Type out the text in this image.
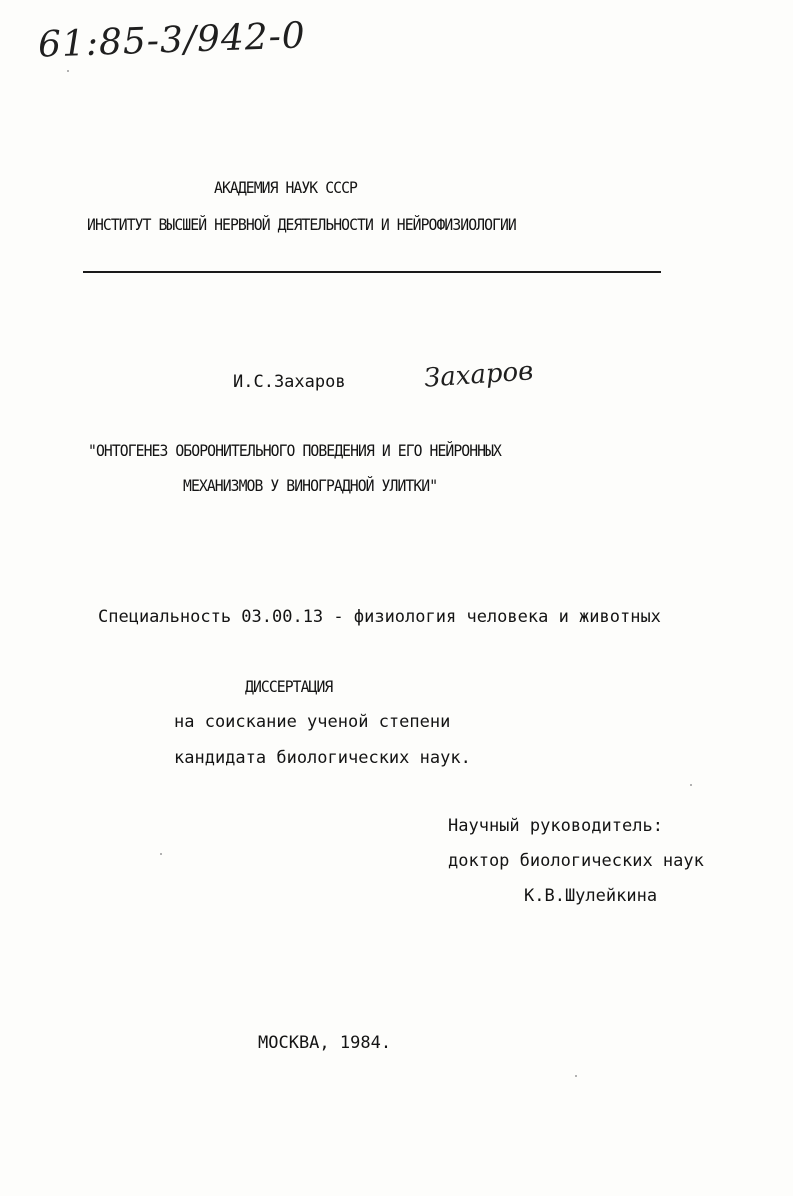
61:85-3/942-0
АКАДЕМИЯ НАУК СССР
ИНСТИТУТ ВЫСШЕЙ НЕРВНОЙ ДЕЯТЕЛЬНОСТИ И НЕЙРОФИЗИОЛОГИИ
И.С.Захаров	Захаров
"ОНТОГЕНЕЗ ОБОРОНИТЕЛЬНОГО ПОВЕДЕНИЯ И ЕГО НЕЙРОННЫХ
МЕХАНИЗМОВ У ВИНОГРАДНОЙ УЛИТКИ"
Специальность 03.00.13 - физиология человека и животных
ДИССЕРТАЦИЯ
на соискание ученой степени
кандидата биологических наук.
Научный руководитель:
доктор биологических наук
К.В.Шулейкина
МОСКВА, 1984.
